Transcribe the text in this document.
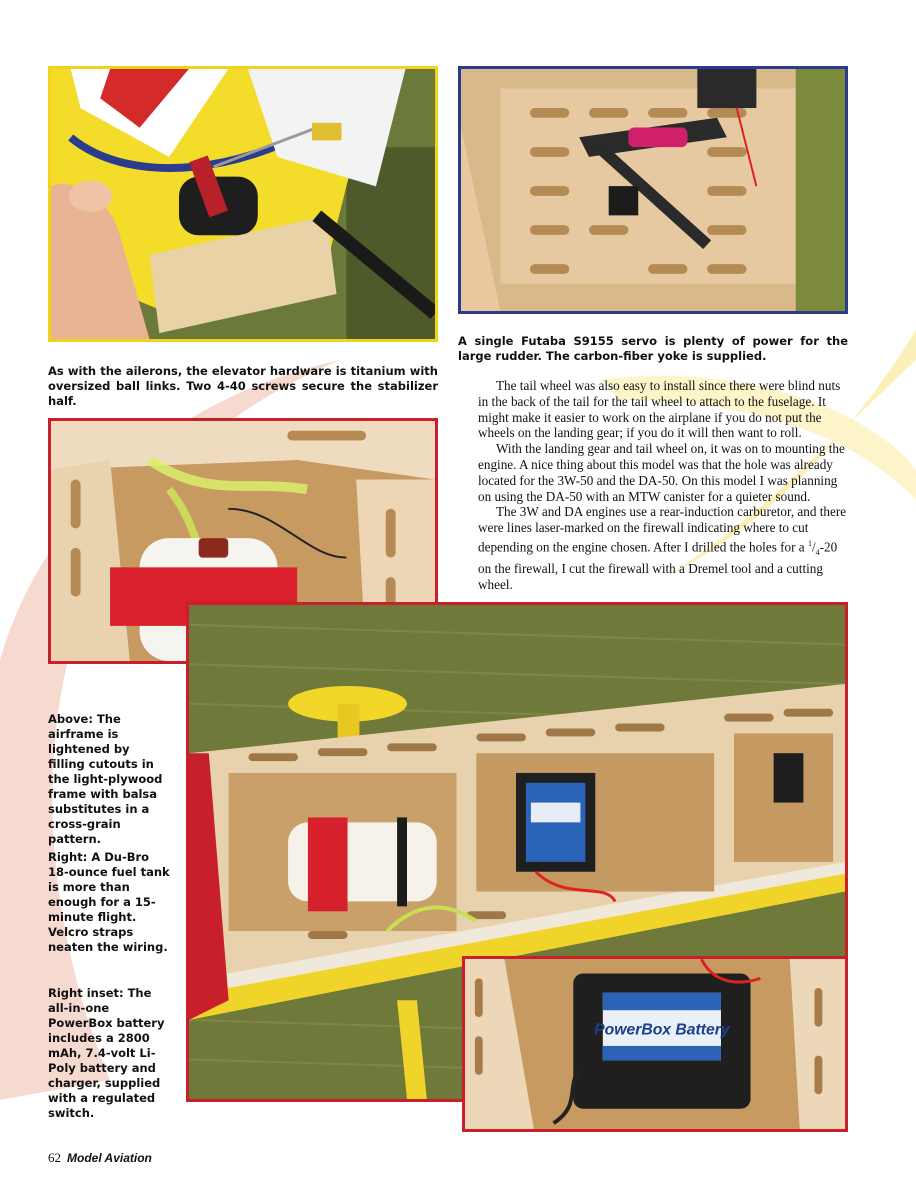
PowerBox Battery

As with the ailerons, the elevator hardware is titanium with oversized ball links. Two 4-40 screws secure the stabilizer half.

A single Futaba S9155 servo is plenty of power for the large rudder. The carbon-fiber yoke is supplied.

Above: The airframe is lightened by filling cutouts in the light-plywood frame with balsa substitutes in a cross-grain pattern.

Right: A Du-Bro 18-ounce fuel tank is more than enough for a 15-minute flight. Velcro straps neaten the wiring.

Right inset: The all-in-one PowerBox battery includes a 2800 mAh, 7.4-volt Li-Poly battery and charger, supplied with a regulated switch.

The tail wheel was also easy to install since there were blind nuts in the back of the tail for the tail wheel to attach to the fuselage. It might make it easier to work on the airplane if you do not put the wheels on the landing gear; if you do it will then want to roll.

With the landing gear and tail wheel on, it was on to mounting the engine. A nice thing about this model was that the hole was already located for the 3W-50 and the DA-50. On this model I was planning on using the DA-50 with an MTW canister for a quieter sound.

The 3W and DA engines use a rear-induction carburetor, and there were lines laser-marked on the firewall indicating where to cut depending on the engine chosen. After I drilled the holes for a $^1/_4-20$ on the firewall, I cut the firewall with a Dremel tool and a cutting wheel.

62 Model Aviation
